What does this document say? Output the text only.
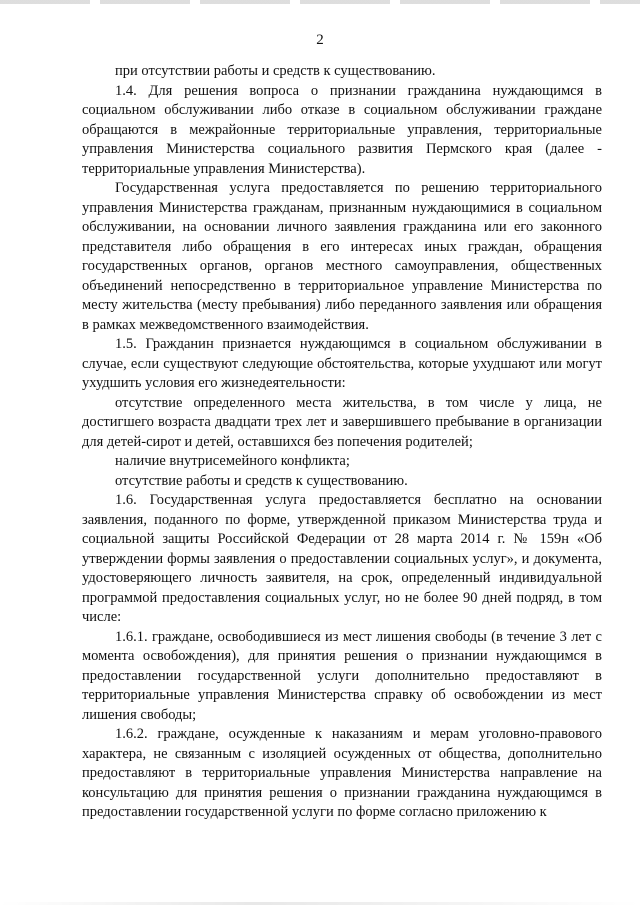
2

при отсутствии работы и средств к существованию.

1.4. Для решения вопроса о признании гражданина нуждающимся в социальном обслуживании либо отказе в социальном обслуживании граждане обращаются в межрайонные территориальные управления, территориальные управления Министерства социального развития Пермского края (далее - территориальные управления Министерства).

Государственная услуга предоставляется по решению территориального управления Министерства гражданам, признанным нуждающимися в социальном обслуживании, на основании личного заявления гражданина или его законного представителя либо обращения в его интересах иных граждан, обращения государственных органов, органов местного самоуправления, общественных объединений непосредственно в территориальное управление Министерства по месту жительства (месту пребывания) либо переданного заявления или обращения в рамках межведомственного взаимодействия.

1.5. Гражданин признается нуждающимся в социальном обслуживании в случае, если существуют следующие обстоятельства, которые ухудшают или могут ухудшить условия его жизнедеятельности:

отсутствие определенного места жительства, в том числе у лица, не достигшего возраста двадцати трех лет и завершившего пребывание в организации для детей-сирот и детей, оставшихся без попечения родителей;

наличие внутрисемейного конфликта;

отсутствие работы и средств к существованию.

1.6. Государственная услуга предоставляется бесплатно на основании заявления, поданного по форме, утвержденной приказом Министерства труда и социальной защиты Российской Федерации от 28 марта 2014 г. № 159н «Об утверждении формы заявления о предоставлении социальных услуг», и документа, удостоверяющего личность заявителя, на срок, определенный индивидуальной программой предоставления социальных услуг, но не более 90 дней подряд, в том числе:

1.6.1. граждане, освободившиеся из мест лишения свободы (в течение 3 лет с момента освобождения), для принятия решения о признании нуждающимся в предоставлении государственной услуги дополнительно предоставляют в территориальные управления Министерства справку об освобождении из мест лишения свободы;

1.6.2. граждане, осужденные к наказаниям и мерам уголовно-правового характера, не связанным с изоляцией осужденных от общества, дополнительно предоставляют в территориальные управления Министерства направление на консультацию для принятия решения о признании гражданина нуждающимся в предоставлении государственной услуги по форме согласно приложению к
